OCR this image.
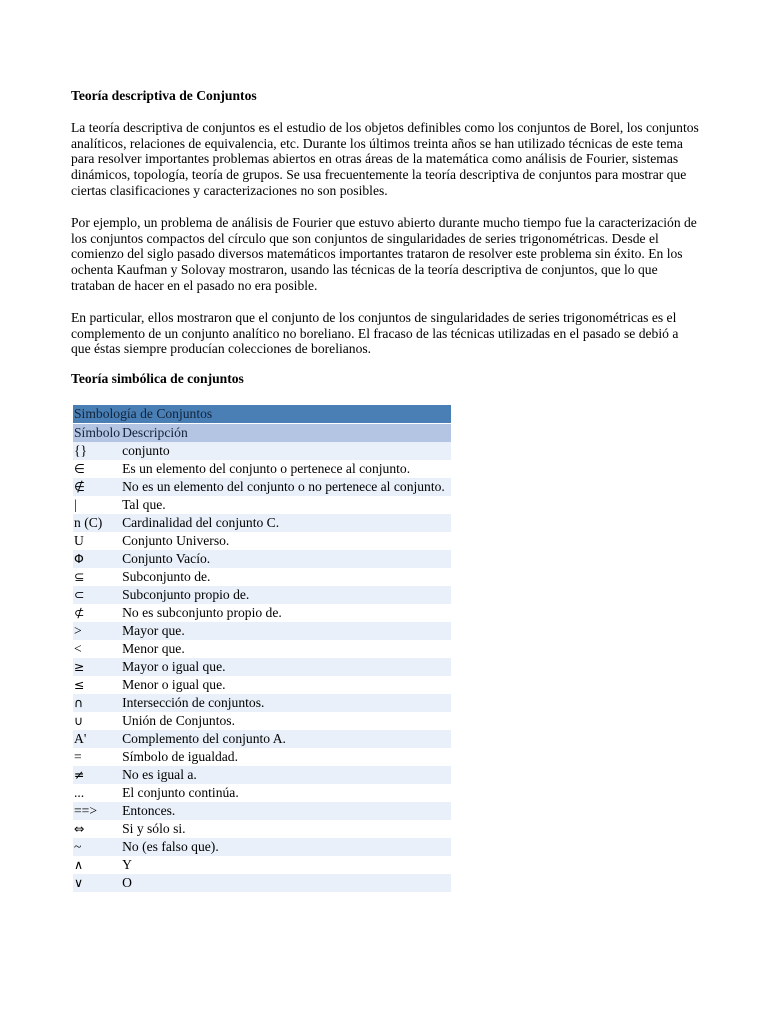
Teoría descriptiva de Conjuntos

La teoría descriptiva de conjuntos es el estudio de los objetos definibles como los conjuntos de Borel, los conjuntos analíticos, relaciones de equivalencia, etc. Durante los últimos treinta años se han utilizado técnicas de este tema para resolver importantes problemas abiertos en otras áreas de la matemática como análisis de Fourier, sistemas dinámicos, topología, teoría de grupos. Se usa frecuentemente la teoría descriptiva de conjuntos para mostrar que ciertas clasificaciones y caracterizaciones no son posibles.

Por ejemplo, un problema de análisis de Fourier que estuvo abierto durante mucho tiempo fue la caracterización de los conjuntos compactos del círculo que son conjuntos de singularidades de series trigonométricas. Desde el comienzo del siglo pasado diversos matemáticos importantes trataron de resolver este problema sin éxito. En los ochenta Kaufman y Solovay mostraron, usando las técnicas de la teoría descriptiva de conjuntos, que lo que trataban de hacer en el pasado no era posible.

En particular, ellos mostraron que el conjunto de los conjuntos de singularidades de series trigonométricas es el complemento de un conjunto analítico no boreliano. El fracaso de las técnicas utilizadas en el pasado se debió a que éstas siempre producían colecciones de borelianos.

Teoría simbólica de conjuntos
Simbología de Conjuntos	
Símbolo	Descripción
{}	conjunto
∈	Es un elemento del conjunto o pertenece al conjunto.
∉	No es un elemento del conjunto o no pertenece al conjunto.
|	Tal que.
n (C)	Cardinalidad del conjunto C.
U	Conjunto Universo.
Φ	Conjunto Vacío.
⊆	Subconjunto de.
⊂	Subconjunto propio de.
⊄	No es subconjunto propio de.
>	Mayor que.
<	Menor que.
≥	Mayor o igual que.
≤	Menor o igual que.
∩	Intersección de conjuntos.
∪	Unión de Conjuntos.
A'	Complemento del conjunto A.
=	Símbolo de igualdad.
≠	No es igual a.
...	El conjunto continúa.
==>	Entonces.
⇔	Si y sólo si.
~	No (es falso que).
∧	Y
∨	O
